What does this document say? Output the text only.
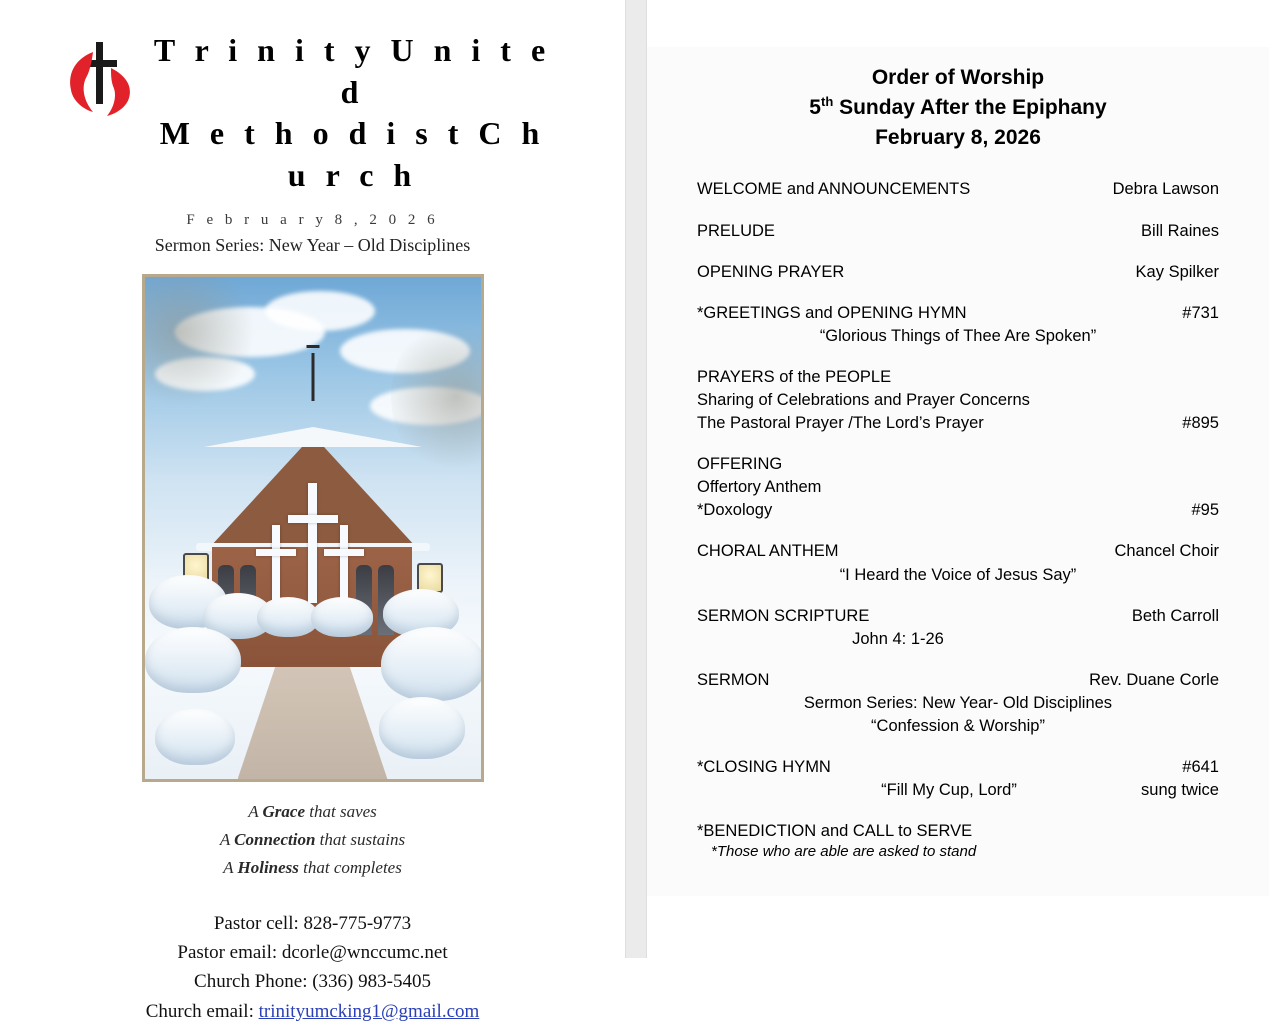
T r i n i t y U n i t e d
M e t h o d i s t C h u r c h
F e b r u a r y 8 , 2 0 2 6
Sermon Series: New Year – Old Disciplines
A Grace that saves
A Connection that sustains
A Holiness that completes
Pastor cell: 828-775-9773
Pastor email: dcorle@wnccumc.net
Church Phone: (336) 983-5405
Church email: trinityumcking1@gmail.com
Order of Worship
5th Sunday After the Epiphany
February 8, 2026
WELCOME and ANNOUNCEMENTS	Debra Lawson
PRELUDE	Bill Raines
OPENING PRAYER	Kay Spilker
*GREETINGS and OPENING HYMN	#731
“Glorious Things of Thee Are Spoken”
PRAYERS of the PEOPLE
Sharing of Celebrations and Prayer Concerns
The Pastoral Prayer /The Lord’s Prayer	#895
OFFERING
Offertory Anthem
*Doxology	#95
CHORAL ANTHEM	Chancel Choir
“I Heard the Voice of Jesus Say”
SERMON SCRIPTURE	Beth Carroll
John 4: 1-26
SERMON	Rev. Duane Corle
Sermon Series: New Year- Old Disciplines
“Confession & Worship”
*CLOSING HYMN	#641
“Fill My Cup, Lord”	sung twice
*BENEDICTION and CALL to SERVE
*Those who are able are asked to stand
